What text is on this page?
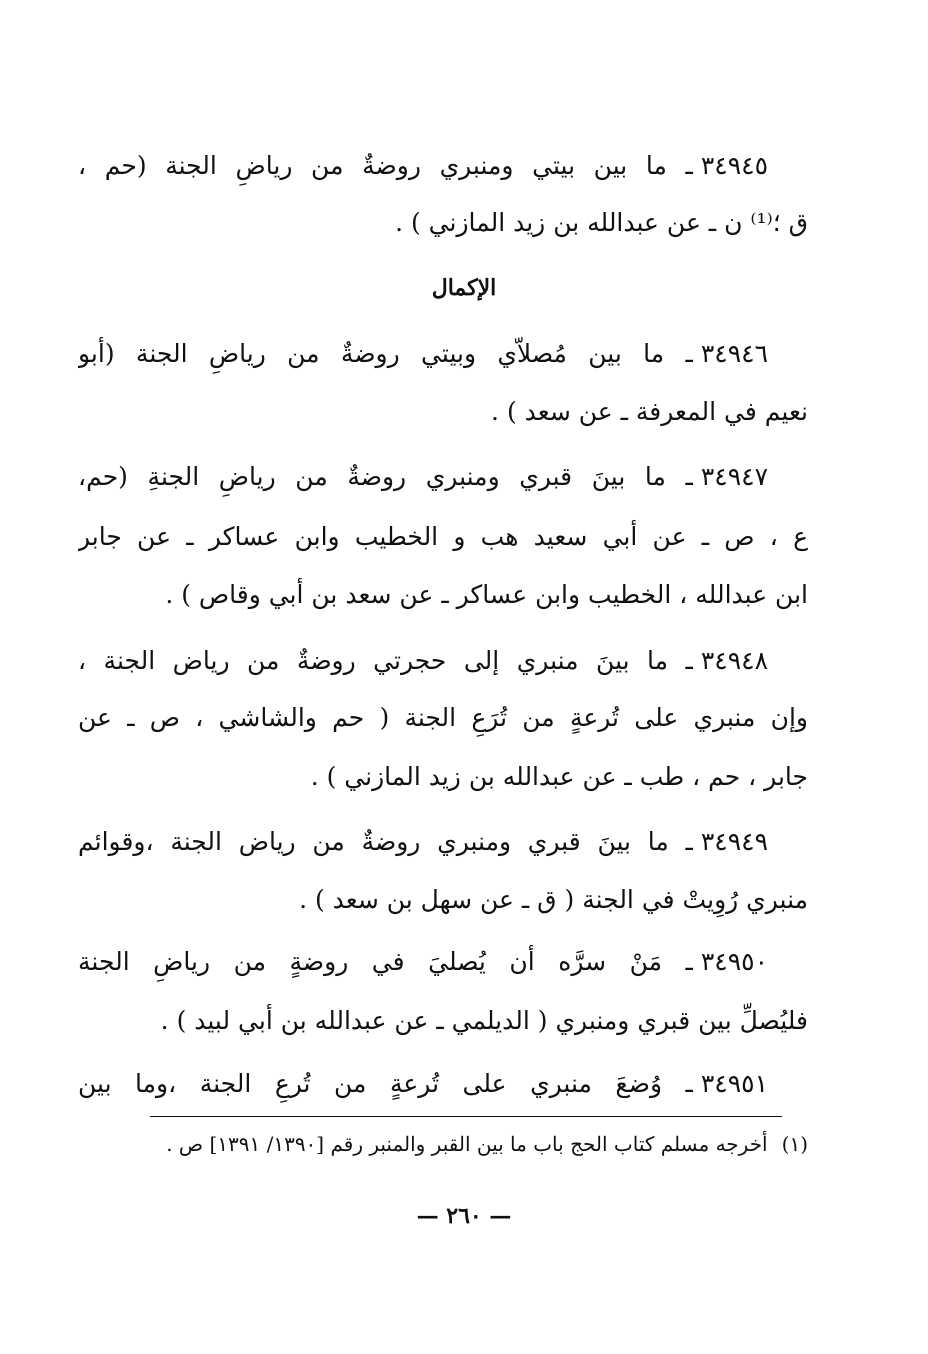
٣٤٩٤٥ـ ما بين بيتي ومنبري روضةٌ من رياضِ الجنة (حم ،
ق ؛⁽¹⁾ ن ـ عن عبدالله بن زيد المازني ) .
الإكمال
٣٤٩٤٦ـ ما بين مُصلاّي وبيتي روضةٌ من رياضِ الجنة (أبو
نعيم في المعرفة ـ عن سعد ) .
٣٤٩٤٧ـ ما بينَ قبري ومنبري روضةٌ من رياضِ الجنةِ (حم،
ع ، ص ـ عن أبي سعيد هب و الخطيب وابن عساكر ـ عن جابر
ابن عبدالله ، الخطيب وابن عساكر ـ عن سعد بن أبي وقاص ) .
٣٤٩٤٨ـ ما بينَ منبري إلى حجرتي روضةٌ من رياض الجنة ،
وإن منبري على تُرعةٍ من تُرَعِ الجنة ( حم والشاشي ، ص ـ عن
جابر ، حم ، طب ـ عن عبدالله بن زيد المازني ) .
٣٤٩٤٩ـ ما بينَ قبري ومنبري روضةٌ من رياض الجنة ،وقوائم
منبري رُوِيتْ في الجنة ( ق ـ عن سهل بن سعد ) .
٣٤٩٥٠ـ مَنْ سرَّه أن يُصليَ في روضةٍ من رياضِ الجنة
فليُصلِّ بين قبري ومنبري ( الديلمي ـ عن عبدالله بن أبي لبيد ) .
٣٤٩٥١ـ وُضعَ منبري على تُرعةٍ من تُرعِ الجنة ،وما بين
(١)أخرجه مسلم كتاب الحج باب ما بين القبر والمنبر رقم [١٣٩٠/ ١٣٩١] ص .
— ٢٦٠ —
